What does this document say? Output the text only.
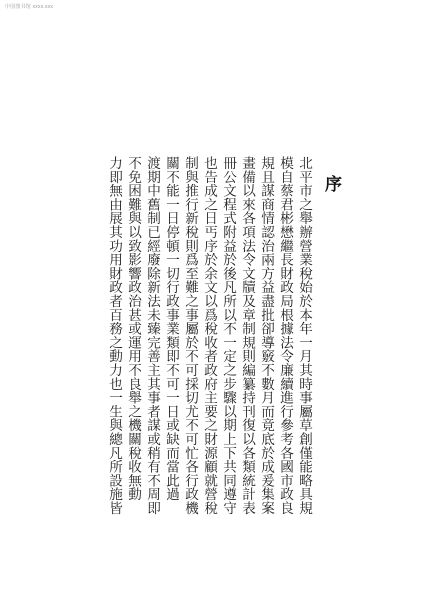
中国图书馆 xxxx.xxx
序
北平市之舉辦營業稅始於本年一月其時事屬草創僅能略具規
模自蔡君彬懋繼長財政局根據法令廉續進行參考各國市政良
規且謀商情認治兩方益盡批卻導竅不數月而竟底於成爰集案
畫備以來各項法令文牘及章制規則編纂持刊復以各類統計表
冊公文程式附益於後凡所以不一定之步驟以期上下共同遵守
也告成之日丐序於余文以爲稅收者政府主要之財源顧就營稅
制與推行新稅則爲至難之事屬於不可採切尤不可忙各行政機
關不能一日停頓一切行政事業類即不可一日或缺而當此過
渡期中舊制已經廢除新法未臻完善主其事者謀或稍有不周即
不免困難與以致影響政治甚或運用不良舉之機關稅收無動
力即無由展其功用財政者百務之動力也一生與總凡所設施皆
